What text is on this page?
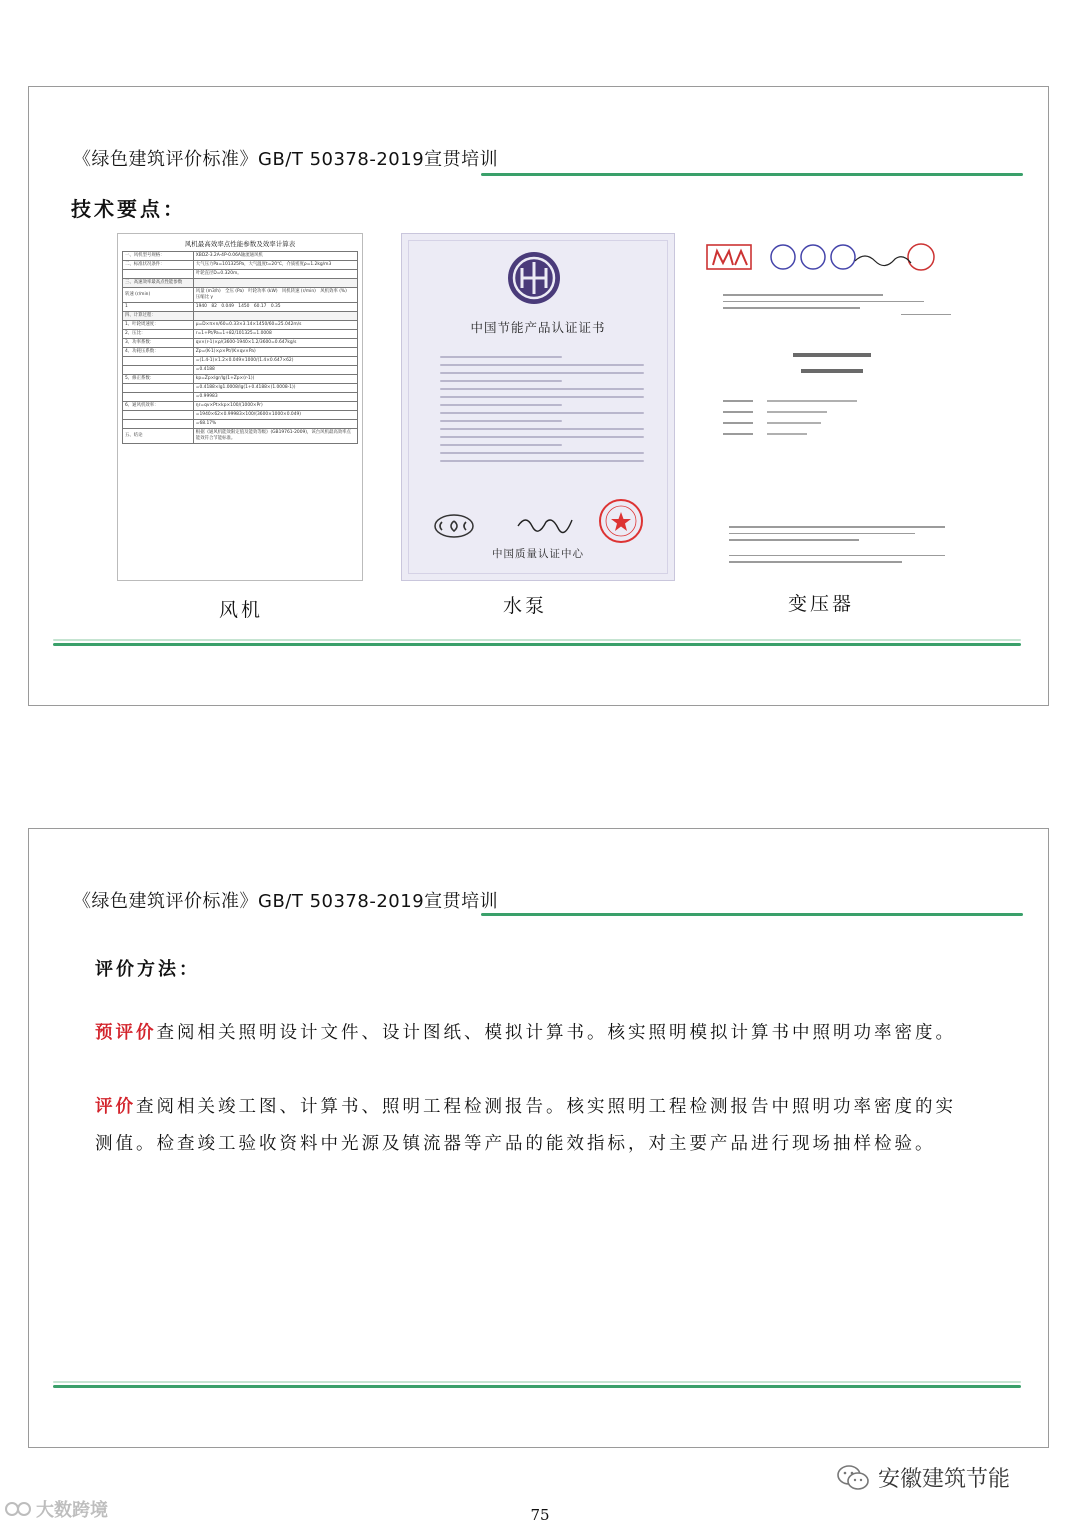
《绿色建筑评价标准》GB/T 50378-2019宣贯培训
技术要点：
风机最高效率点性能参数及效率计算表
一、风机型号规格：	XBDZ-3.2A-4P-0.06A轴流通风机
二、标准状况条件：	大气压力Pa=101325Pa，大气温度t=20℃，介质密度ρ=1.2kg/m3
	叶轮直径D=0.320m。
三、高速效率最高点性能参数	
转速 (r/min)	风量 (m3/h)　全压 (Pa)　叶轮功率 (kW)　风机转速 (r/min)　风机效率 (%)　压缩比 γ
1	1940　82　0.049　1450　60.17　0.35
四、计算过程：	
1、叶轮周速度：	μ=D×π×n/60=0.33×3.14×1450/60=25.042m/s
2、压比：	r=1+Pt/Pa=1+82/101325=1.0008
3、功率系数：	qv×(r-1)×ρ/(3600-1940×1.2/3600=0.647kg/s
4、功耗压系数：	Zp=(K-1)×ρ×Pt/(K×qv×Pa)
	=(1.4-1)×1.2×0.049×1000/(1.4×0.647×62)
	=0.4188
5、修正系数：	kp=Zp×lgr/lg(1+Zp×(r-1))
	=0.4188×lg1.0008/lg(1+0.4188×(1.0008-1))
	=0.99983
6、通风机效率：	ηr=qv×Pt×kp×100/(1000×Pr)
	=1940×62×0.99983×100/(3600×1000×0.049)
	=68.17%
五、结论	根据《通风机能效限定值及能效等级》(GB19761-2009)，该台风机最高效率点能效符合节能标准。
中国节能产品认证证书
中国质量认证中心
风机	水泵	变压器
《绿色建筑评价标准》GB/T 50378-2019宣贯培训
评价方法：
预评价查阅相关照明设计文件、设计图纸、模拟计算书。核实照明模拟计算书中照明功率密度。
评价查阅相关竣工图、计算书、照明工程检测报告。核实照明工程检测报告中照明功率密度的实测值。检查竣工验收资料中光源及镇流器等产品的能效指标，对主要产品进行现场抽样检验。
大数跨境
安徽建筑节能
75
